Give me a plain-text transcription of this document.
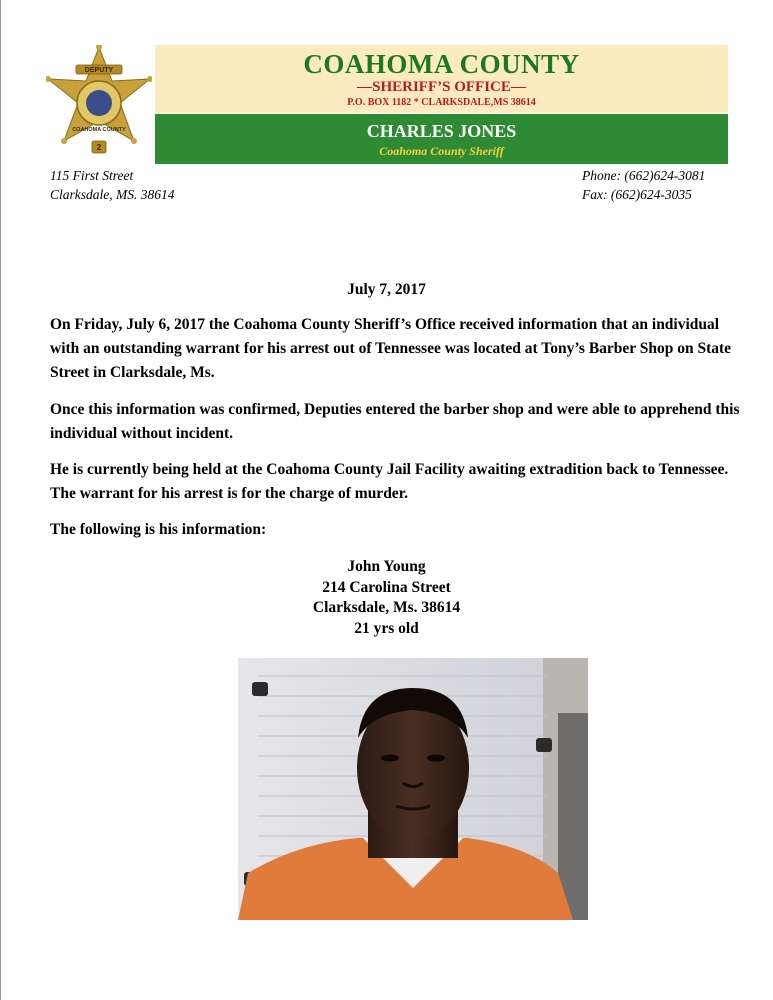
DEPUTY
COAHOMA COUNTY
2
COAHOMA COUNTY
—SHERIFF’S OFFICE—
P.O. BOX 1182 * CLARKSDALE,MS 38614
CHARLES JONES
Coahoma County Sheriff
115 First Street
Clarksdale, MS. 38614
Phone: (662)624-3081
Fax: (662)624-3035
July 7, 2017
On Friday, July 6, 2017 the Coahoma County Sheriff’s Office received information that an individual with an outstanding warrant for his arrest out of Tennessee was located at Tony’s Barber Shop on State Street in Clarksdale, Ms.
Once this information was confirmed, Deputies entered the barber shop and were able to apprehend this individual without incident.
He is currently being held at the Coahoma County Jail Facility awaiting extradition back to Tennessee. The warrant for his arrest is for the charge of murder.
The following is his information:
John Young
214 Carolina Street
Clarksdale, Ms. 38614
21 yrs old
